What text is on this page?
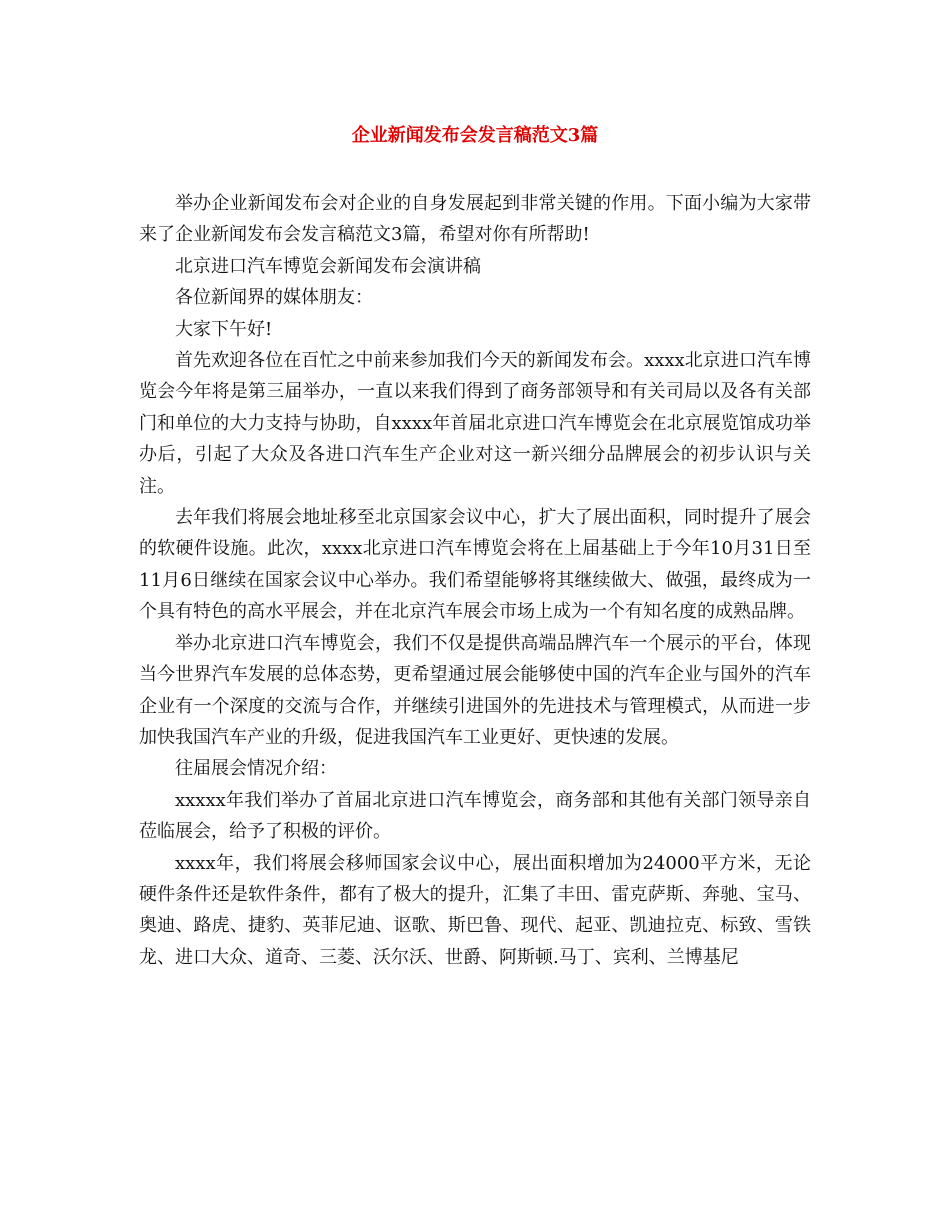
企业新闻发布会发言稿范文3篇

举办企业新闻发布会对企业的自身发展起到非常关键的作用。下面小编为大家带来了企业新闻发布会发言稿范文3篇，希望对你有所帮助!

北京进口汽车博览会新闻发布会演讲稿

各位新闻界的媒体朋友：

大家下午好!

首先欢迎各位在百忙之中前来参加我们今天的新闻发布会。xxxx北京进口汽车博览会今年将是第三届举办，一直以来我们得到了商务部领导和有关司局以及各有关部门和单位的大力支持与协助，自xxxx年首届北京进口汽车博览会在北京展览馆成功举办后，引起了大众及各进口汽车生产企业对这一新兴细分品牌展会的初步认识与关注。

去年我们将展会地址移至北京国家会议中心，扩大了展出面积，同时提升了展会的软硬件设施。此次，xxxx北京进口汽车博览会将在上届基础上于今年10月31日至11月6日继续在国家会议中心举办。我们希望能够将其继续做大、做强，最终成为一个具有特色的高水平展会，并在北京汽车展会市场上成为一个有知名度的成熟品牌。

举办北京进口汽车博览会，我们不仅是提供高端品牌汽车一个展示的平台，体现当今世界汽车发展的总体态势，更希望通过展会能够使中国的汽车企业与国外的汽车企业有一个深度的交流与合作，并继续引进国外的先进技术与管理模式，从而进一步加快我国汽车产业的升级，促进我国汽车工业更好、更快速的发展。

往届展会情况介绍：

xxxxx年我们举办了首届北京进口汽车博览会，商务部和其他有关部门领导亲自莅临展会，给予了积极的评价。

xxxx年，我们将展会移师国家会议中心，展出面积增加为24000平方米，无论硬件条件还是软件条件，都有了极大的提升，汇集了丰田、雷克萨斯、奔驰、宝马、奥迪、路虎、捷豹、英菲尼迪、讴歌、斯巴鲁、现代、起亚、凯迪拉克、标致、雪铁龙、进口大众、道奇、三菱、沃尔沃、世爵、阿斯顿.马丁、宾利、兰博基尼
